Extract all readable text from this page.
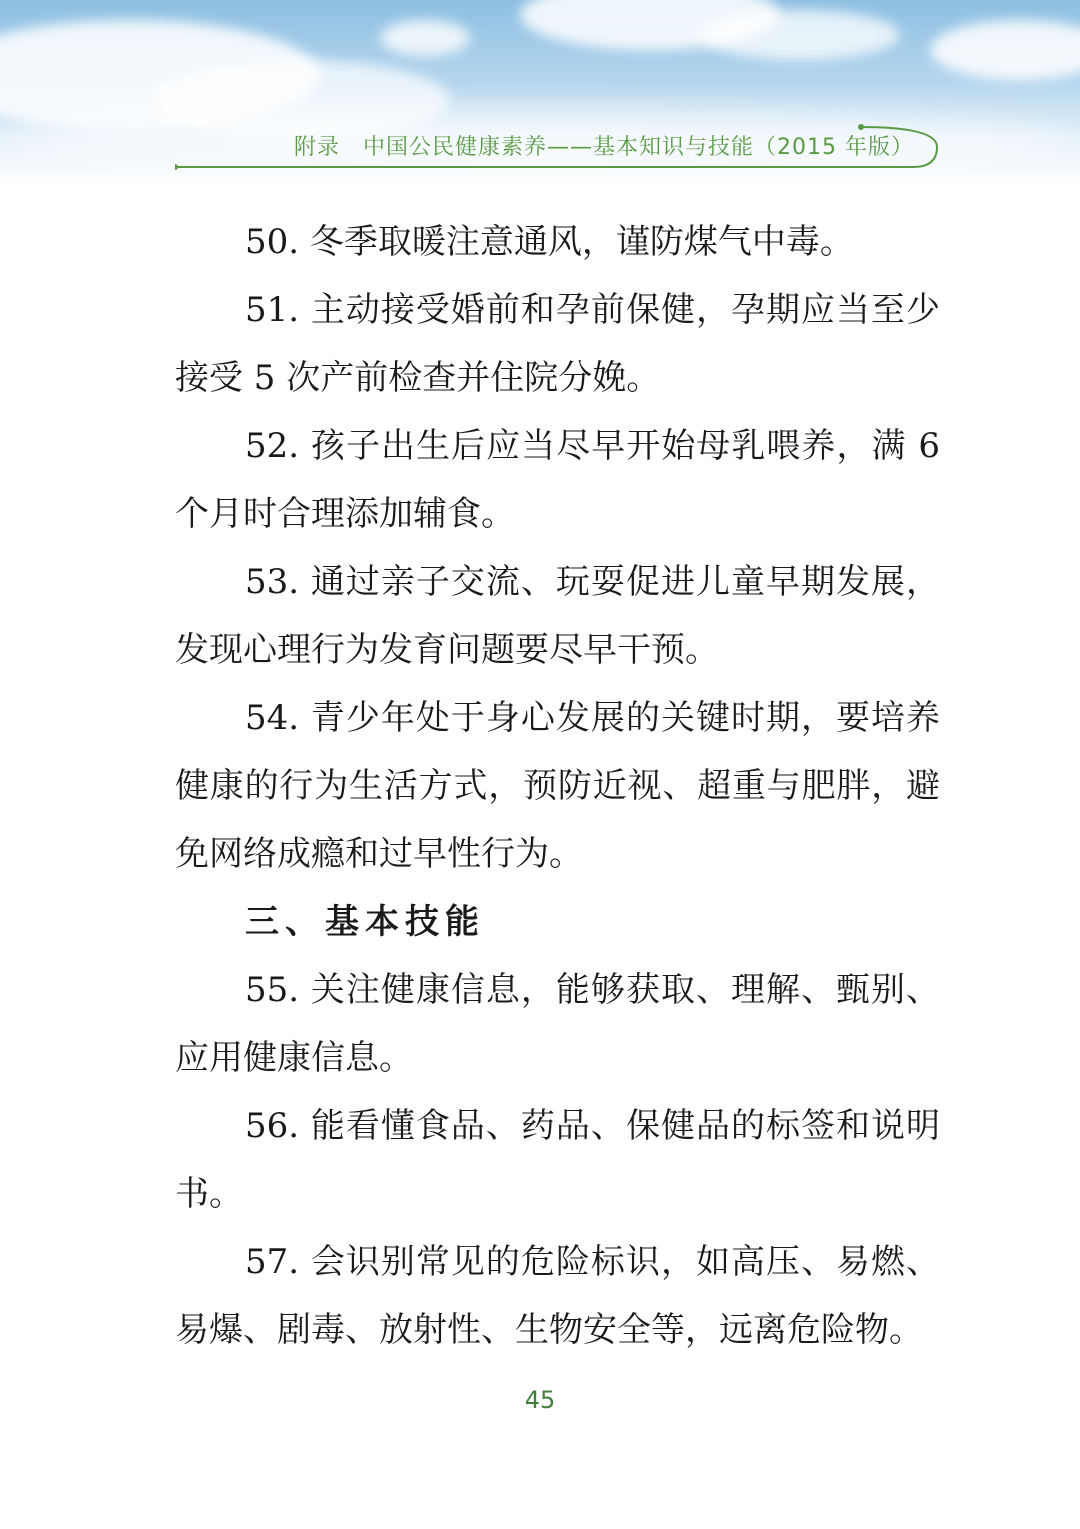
附录　中国公民健康素养——基本知识与技能（2015 年版）

50. 冬季取暖注意通风，谨防煤气中毒。

51. 主动接受婚前和孕前保健，孕期应当至少接受 5 次产前检查并住院分娩。

52. 孩子出生后应当尽早开始母乳喂养，满 6 个月时合理添加辅食。

53. 通过亲子交流、玩耍促进儿童早期发展，发现心理行为发育问题要尽早干预。

54. 青少年处于身心发展的关键时期，要培养健康的行为生活方式，预防近视、超重与肥胖，避免网络成瘾和过早性行为。

三、基本技能

55. 关注健康信息，能够获取、理解、甄别、应用健康信息。

56. 能看懂食品、药品、保健品的标签和说明书。

57. 会识别常见的危险标识，如高压、易燃、易爆、剧毒、放射性、生物安全等，远离危险物。

45
